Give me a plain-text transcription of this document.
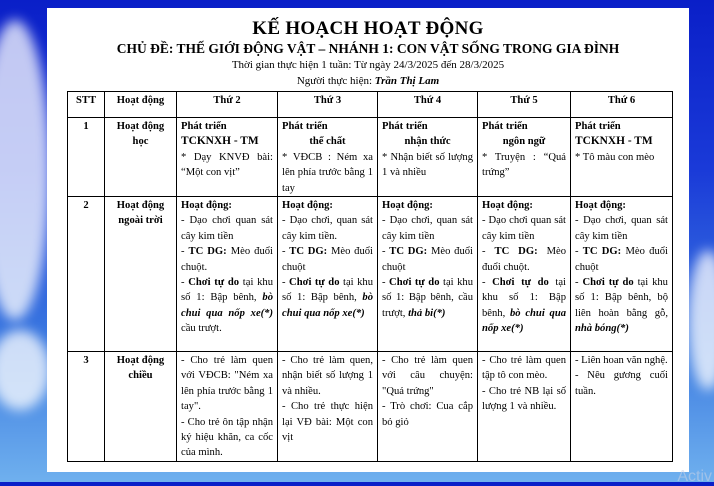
KẾ HOẠCH HOẠT ĐỘNG
CHỦ ĐỀ: THẾ GIỚI ĐỘNG VẬT – NHÁNH 1: CON VẬT SỐNG TRONG GIA ĐÌNH
Thời gian thực hiện 1 tuần: Từ ngày 24/3/2025 đến 28/3/2025
Người thực hiện: Trần Thị Lam
STT	Hoạt động	Thứ 2	Thứ 3	Thứ 4	Thứ 5	Thứ 6
1	Hoạt động học	Phát triển
TCKNXH - TM
* Dạy KNVĐ bài: “Một con vịt”	Phát triển
thể chất
* VĐCB : Ném xa lên phía trước bằng 1 tay	Phát triển
nhận thức
* Nhận biết số lượng 1 và nhiều	Phát triển
ngôn ngữ
* Truyện : “Quả trứng”	Phát triển
TCKNXH - TM
* Tô màu con mèo

2	Hoạt động ngoài trời	Hoạt động:
- Dạo chơi quan sát cây kim tiền
- TC DG: Mèo đuổi chuột.
- Chơi tự do tại khu số 1: Bập bênh, bò chui qua nốp xe(*) cầu trượt.	Hoạt động:
- Dạo chơi, quan sát cây kim tiền.
- TC DG: Mèo đuổi chuột
- Chơi tự do tại khu số 1: Bập bênh, bò chui qua nốp xe(*)	Hoạt động:
- Dạo chơi, quan sát cây kim tiền
- TC DG: Mèo đuổi chuột
- Chơi tự do tại khu số 1: Bập bênh, cầu trượt, thả bi(*)	Hoạt động:
- Dạo chơi quan sát cây kim tiền
- TC DG: Mèo đuổi chuột.
- Chơi tự do tại khu số 1: Bập bênh, bò chui qua nốp xe(*)	Hoạt động:
- Dạo chơi, quan sát cây kim tiền
- TC DG: Mèo đuổi chuột
- Chơi tự do tại khu số 1: Bập bênh, bộ liên hoàn bằng gỗ, nhà bóng(*)

3	Hoạt động chiều	- Cho trẻ làm quen với VĐCB: "Ném xa lên phía trước bằng 1 tay".
- Cho trẻ ôn tập nhận ký hiệu khăn, ca cốc của mình.	- Cho trẻ làm quen, nhận biết số lượng 1 và nhiều.
- Cho trẻ thực hiện lại VĐ bài: Một con vịt	- Cho trẻ làm quen với câu chuyện: "Quả trứng"
- Trò chơi: Cua cắp bỏ giỏ	- Cho trẻ làm quen tập tô con mèo.
- Cho trẻ NB lại số lượng 1 và nhiều.	- Liên hoan văn nghệ.
- Nêu gương cuối tuần.
Activ
